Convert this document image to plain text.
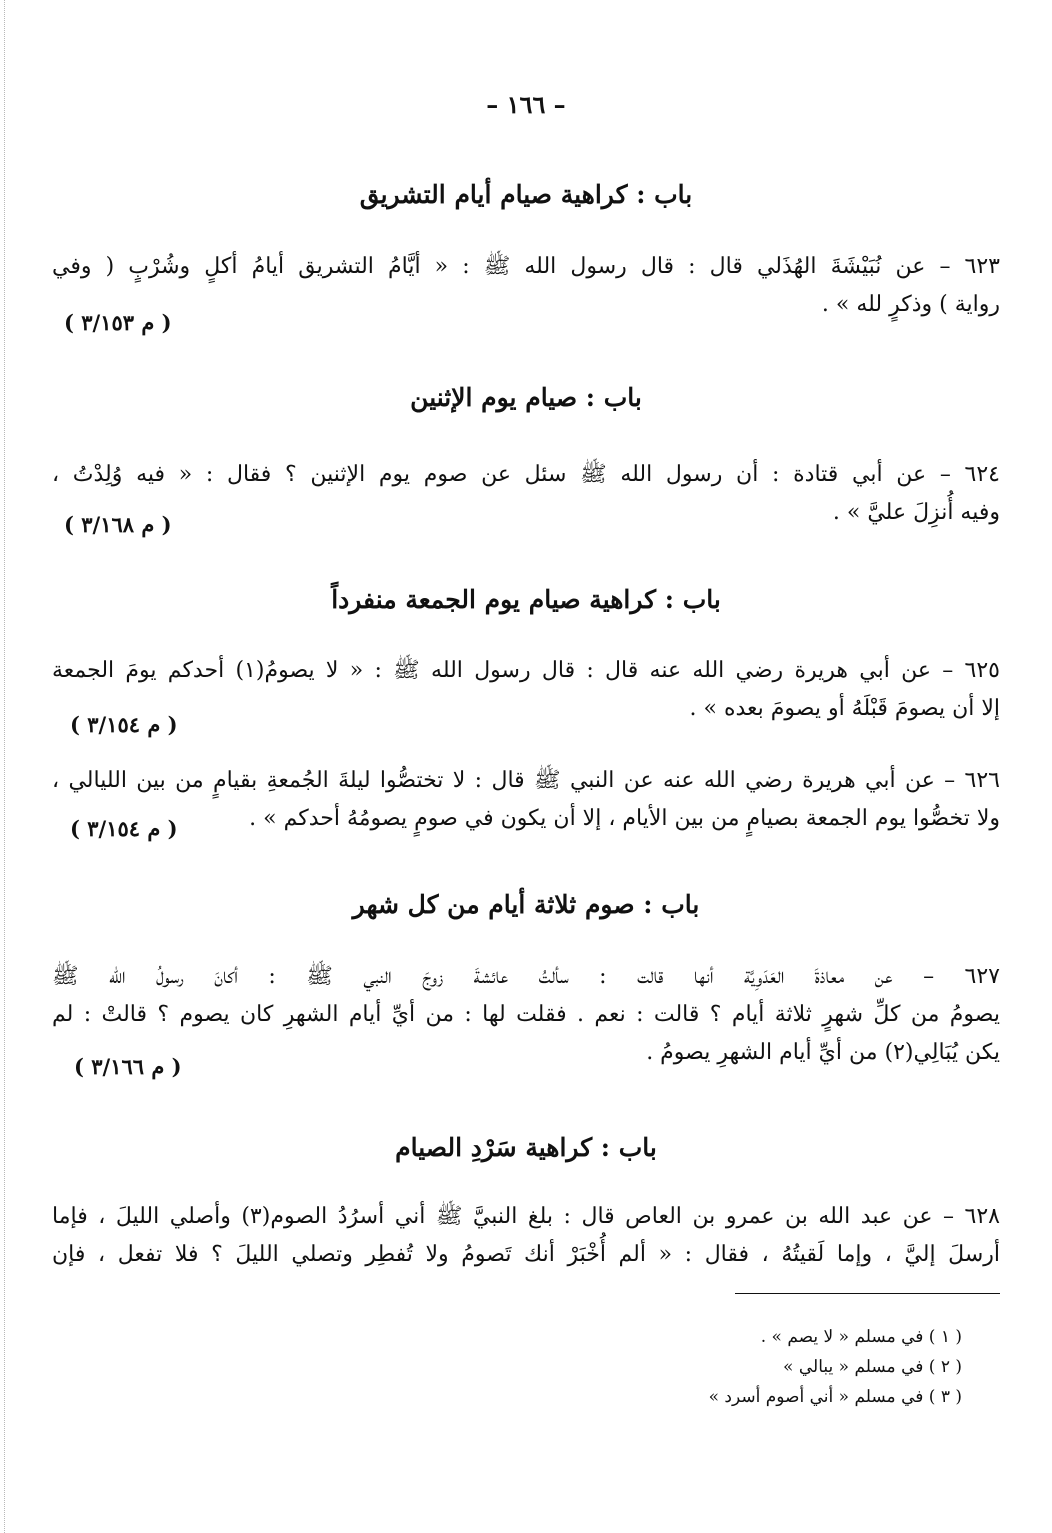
– ١٦٦ –
باب : كراهية صيام أيام التشريق
٦٢٣ – عن نُبَيْشَةَ الهُذَلي قال : قال رسول الله ﷺ : « أيَّامُ التشريق أيامُ أكلٍ وشُرْبٍ ( وفي
رواية ) وذكرٍ لله » .
( م ٣/١٥٣ )
باب : صيام يوم الإثنين
٦٢٤ – عن أبي قتادة : أن رسول الله ﷺ سئل عن صوم يوم الإثنين ؟ فقال : « فيه وُلِدْتُ ،
وفيه أُنزِلَ عليَّ » .
( م ٣/١٦٨ )
باب : كراهية صيام يوم الجمعة منفرداً
٦٢٥ – عن أبي هريرة رضي الله عنه قال : قال رسول الله ﷺ : « لا يصومُ(١) أحدكم يومَ الجمعة
إلا أن يصومَ قَبْلَهُ أو يصومَ بعده » .
( م ٣/١٥٤ )
٦٢٦ – عن أبي هريرة رضي الله عنه عن النبي ﷺ قال : لا تختصُّوا ليلةَ الجُمعةِ بقيامٍ من بين الليالي ،
ولا تخصُّوا يوم الجمعة بصيامٍ من بين الأيام ، إلا أن يكون في صومٍ يصومُهُ أحدكم » .
( م ٣/١٥٤ )
باب : صوم ثلاثة أيام من كل شهر
٦٢٧ – عن معاذةَ العَدَوِيَّة أنها قالت : سألتُ عائشةَ زوجَ النبي ﷺ : أكانَ رسولُ الله ﷺ
يصومُ من كلِّ شهرٍ ثلاثة أيام ؟ قالت : نعم . فقلت لها : من أيِّ أيام الشهرِ كان يصوم ؟ قالتْ : لم
يكن يُبَالِي(٢) من أيِّ أيام الشهرِ يصومُ .
( م ٣/١٦٦ )
باب : كراهية سَرْدِ الصيام
٦٢٨ – عن عبد الله بن عمرو بن العاص قال : بلغ النبيَّ ﷺ أني أسرُدُ الصوم(٣) وأصلي الليلَ ، فإما
أرسلَ إليَّ ، وإما لَقيتُهُ ، فقال : « ألم أُخْبَرْ أنك تَصومُ ولا تُفطِر وتصلي الليلَ ؟ فلا تفعل ، فإن
( ١ ) في مسلم « لا يصم » .
( ٢ ) في مسلم « يبالي »
( ٣ ) في مسلم « أني أصوم أسرد »
